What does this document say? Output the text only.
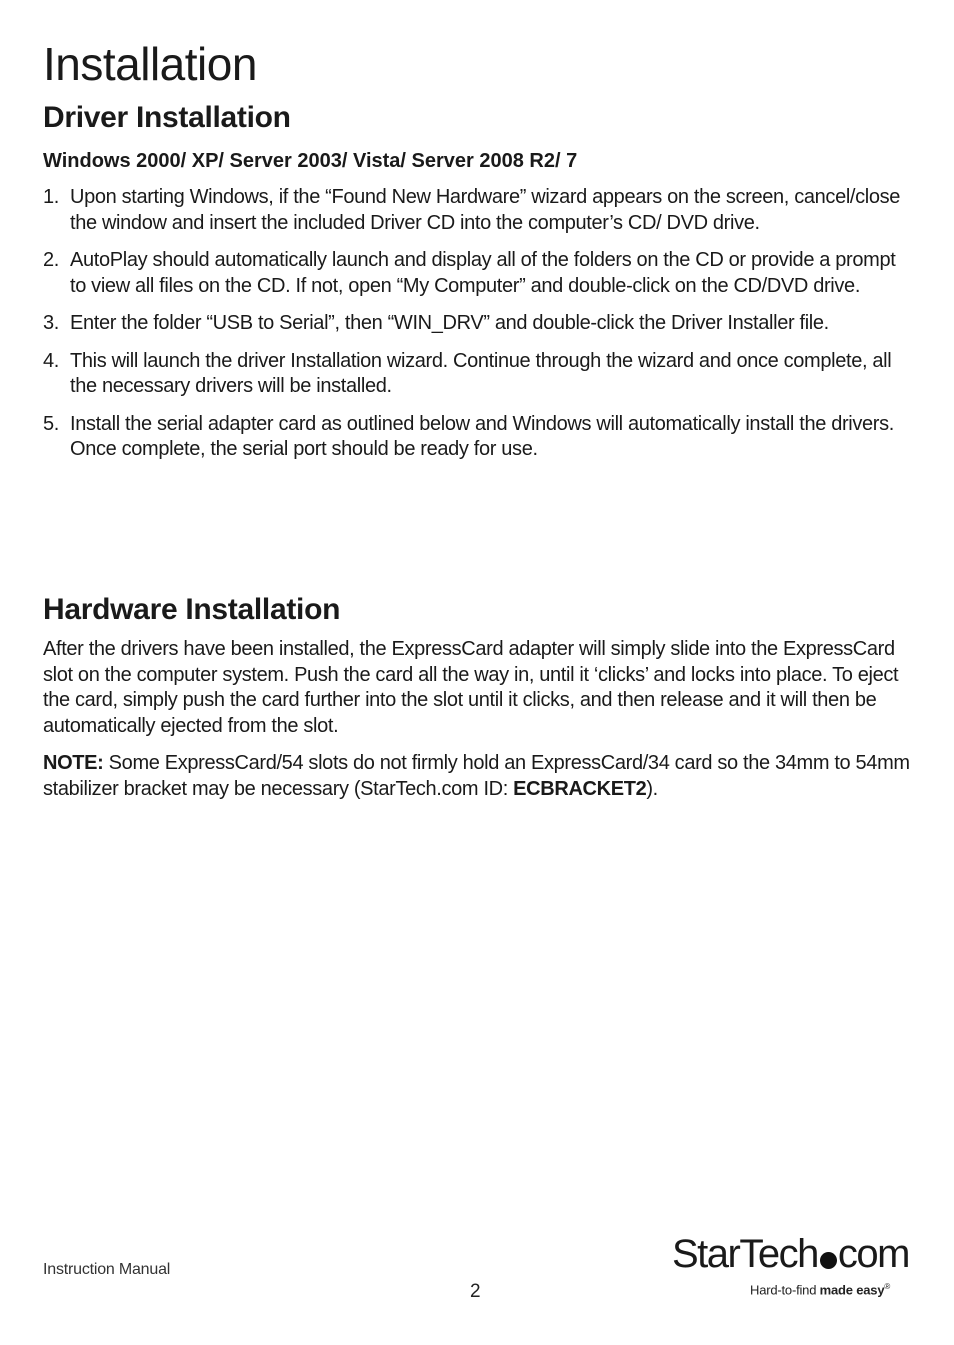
Installation
Driver Installation
Windows 2000/ XP/ Server 2003/ Vista/ Server 2008 R2/ 7
1. Upon starting Windows, if the “Found New Hardware” wizard appears on the screen, cancel/close the window and insert the included Driver CD into the computer’s CD/ DVD drive.
2. AutoPlay should automatically launch and display all of the folders on the CD or provide a prompt to view all files on the CD. If not, open “My Computer” and double-click on the CD/DVD drive.
3. Enter the folder “USB to Serial”, then “WIN_DRV” and double-click the Driver Installer file.
4. This will launch the driver Installation wizard. Continue through the wizard and once complete, all the necessary drivers will be installed.
5. Install the serial adapter card as outlined below and Windows will automatically install the drivers. Once complete, the serial port should be ready for use.
Hardware Installation

After the drivers have been installed, the ExpressCard adapter will simply slide into the ExpressCard slot on the computer system. Push the card all the way in, until it ‘clicks’ and locks into place. To eject the card, simply push the card further into the slot until it clicks, and then release and it will then be automatically ejected from the slot.

NOTE: Some ExpressCard/54 slots do not firmly hold an ExpressCard/34 card so the 34mm to 54mm stabilizer bracket may be necessary (StarTech.com ID: ECBRACKET2).

Instruction Manual
2
StarTech com
Hard-to-find made easy®
